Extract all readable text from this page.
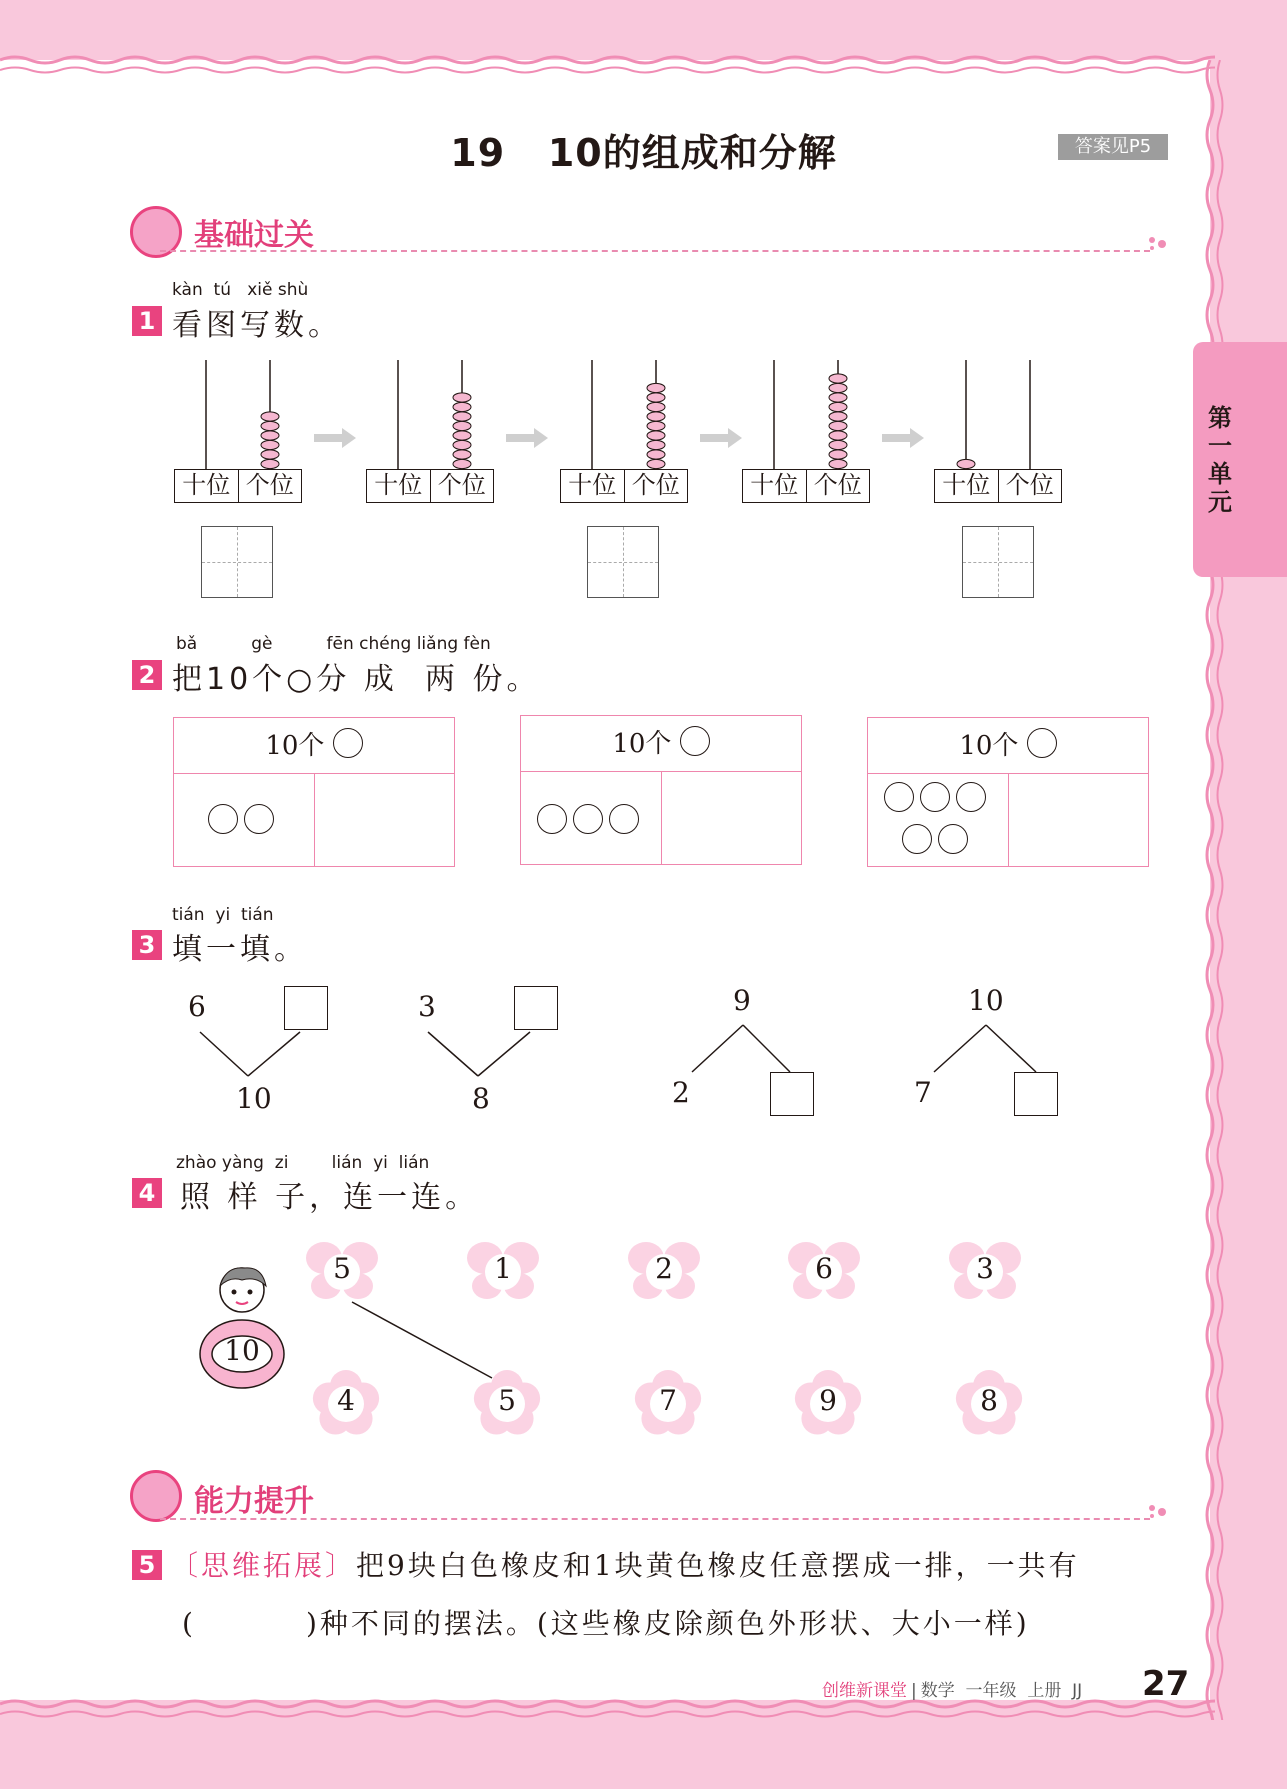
第一单元
19   10的组成和分解	答案见P5
基础过关
kàn  tú   xiě shù
1 看图写数。
十位 个位	十位 个位	十位 个位	十位 个位	十位 个位
bǎ          gè          fēn chéng liǎng fèn
2 把10个○分 成  两 份。
10个	10个	10个
tián  yi  tián
3 填一填。
6
10
3
8
9
2
10
7
zhào yàng  zi        lián  yi  lián
4 照 样 子，连一连。
10
5	1	2	6	3
4	5	7	9	8
能力提升
5 〔思维拓展〕把9块白色橡皮和1块黄色橡皮任意摆成一排，一共有
(	)种不同的摆法。(这些橡皮除颜色外形状、大小一样)
创维新课堂 | 数学  一年级  上册  JJ 27
